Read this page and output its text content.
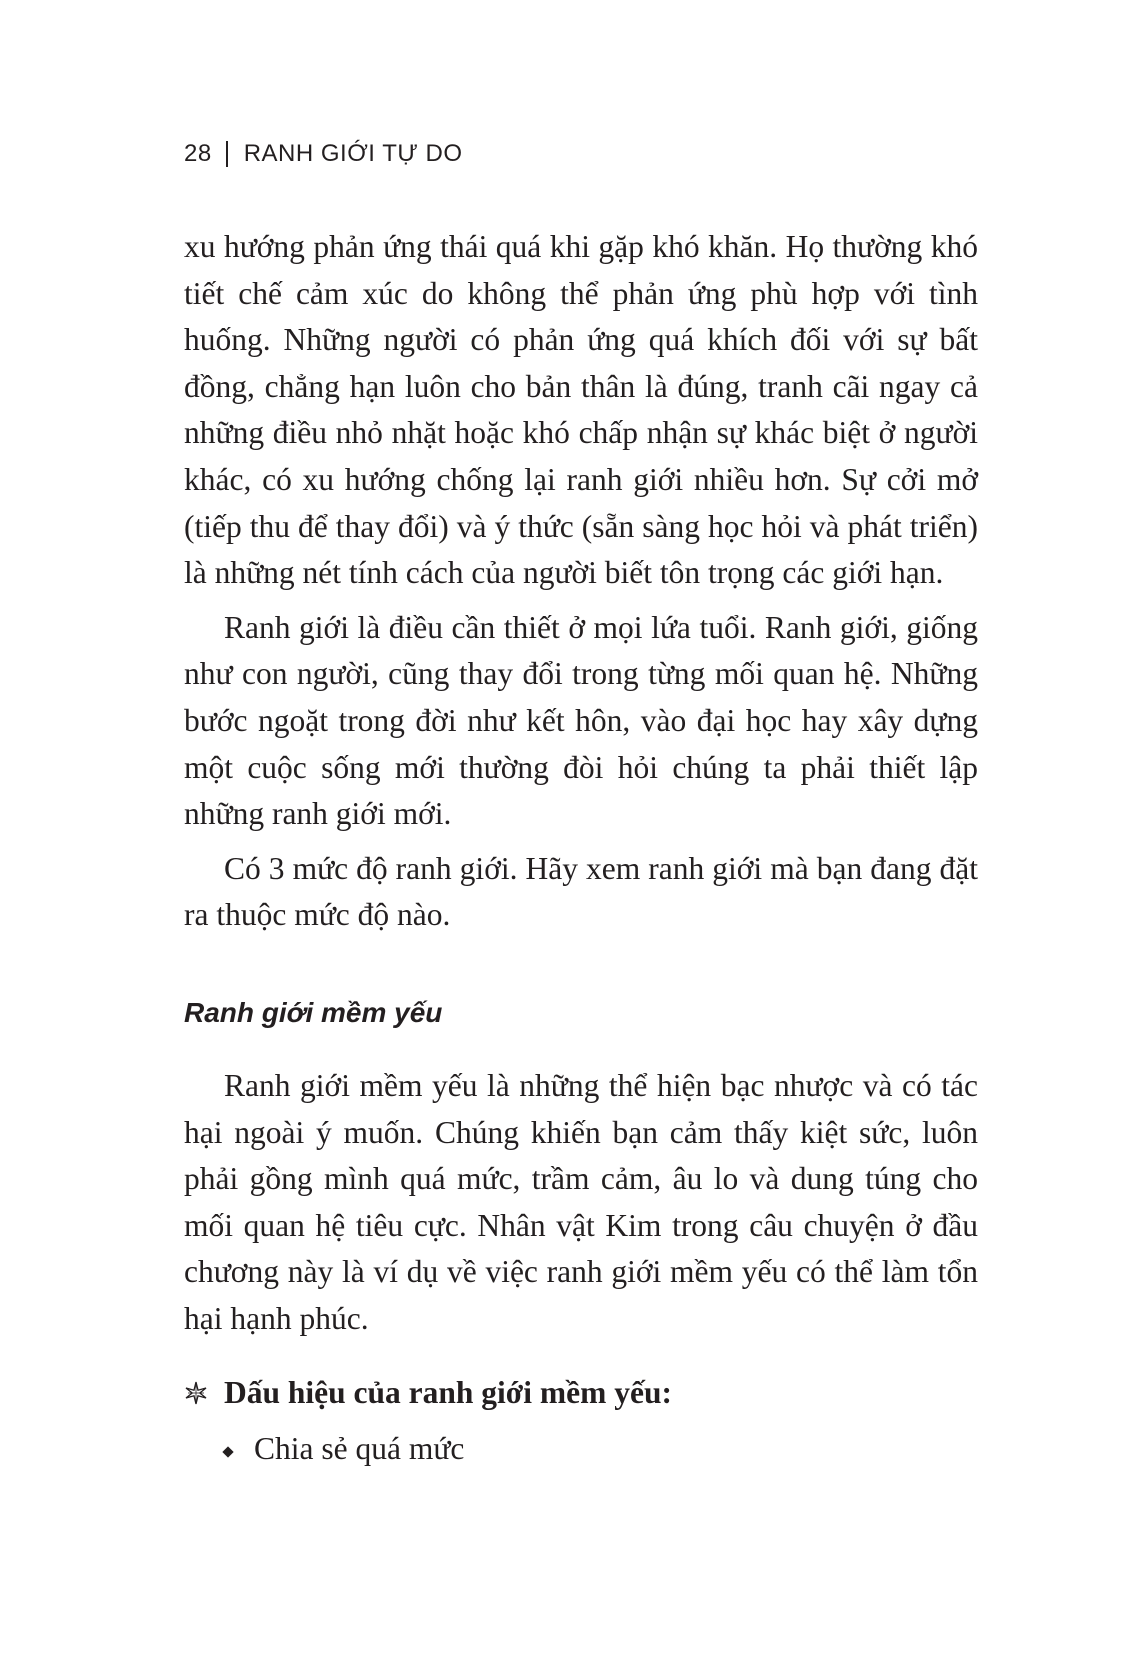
28 RANH GIỚI TỰ DO

xu hướng phản ứng thái quá khi gặp khó khăn. Họ thường khó tiết chế cảm xúc do không thể phản ứng phù hợp với tình huống. Những người có phản ứng quá khích đối với sự bất đồng, chẳng hạn luôn cho bản thân là đúng, tranh cãi ngay cả những điều nhỏ nhặt hoặc khó chấp nhận sự khác biệt ở người khác, có xu hướng chống lại ranh giới nhiều hơn. Sự cởi mở (tiếp thu để thay đổi) và ý thức (sẵn sàng học hỏi và phát triển) là những nét tính cách của người biết tôn trọng các giới hạn.

Ranh giới là điều cần thiết ở mọi lứa tuổi. Ranh giới, giống như con người, cũng thay đổi trong từng mối quan hệ. Những bước ngoặt trong đời như kết hôn, vào đại học hay xây dựng một cuộc sống mới thường đòi hỏi chúng ta phải thiết lập những ranh giới mới.

Có 3 mức độ ranh giới. Hãy xem ranh giới mà bạn đang đặt ra thuộc mức độ nào.

Ranh giới mềm yếu

Ranh giới mềm yếu là những thể hiện bạc nhược và có tác hại ngoài ý muốn. Chúng khiến bạn cảm thấy kiệt sức, luôn phải gồng mình quá mức, trầm cảm, âu lo và dung túng cho mối quan hệ tiêu cực. Nhân vật Kim trong câu chuyện ở đầu chương này là ví dụ về việc ranh giới mềm yếu có thể làm tổn hại hạnh phúc.

Dấu hiệu của ranh giới mềm yếu:
Chia sẻ quá mức
